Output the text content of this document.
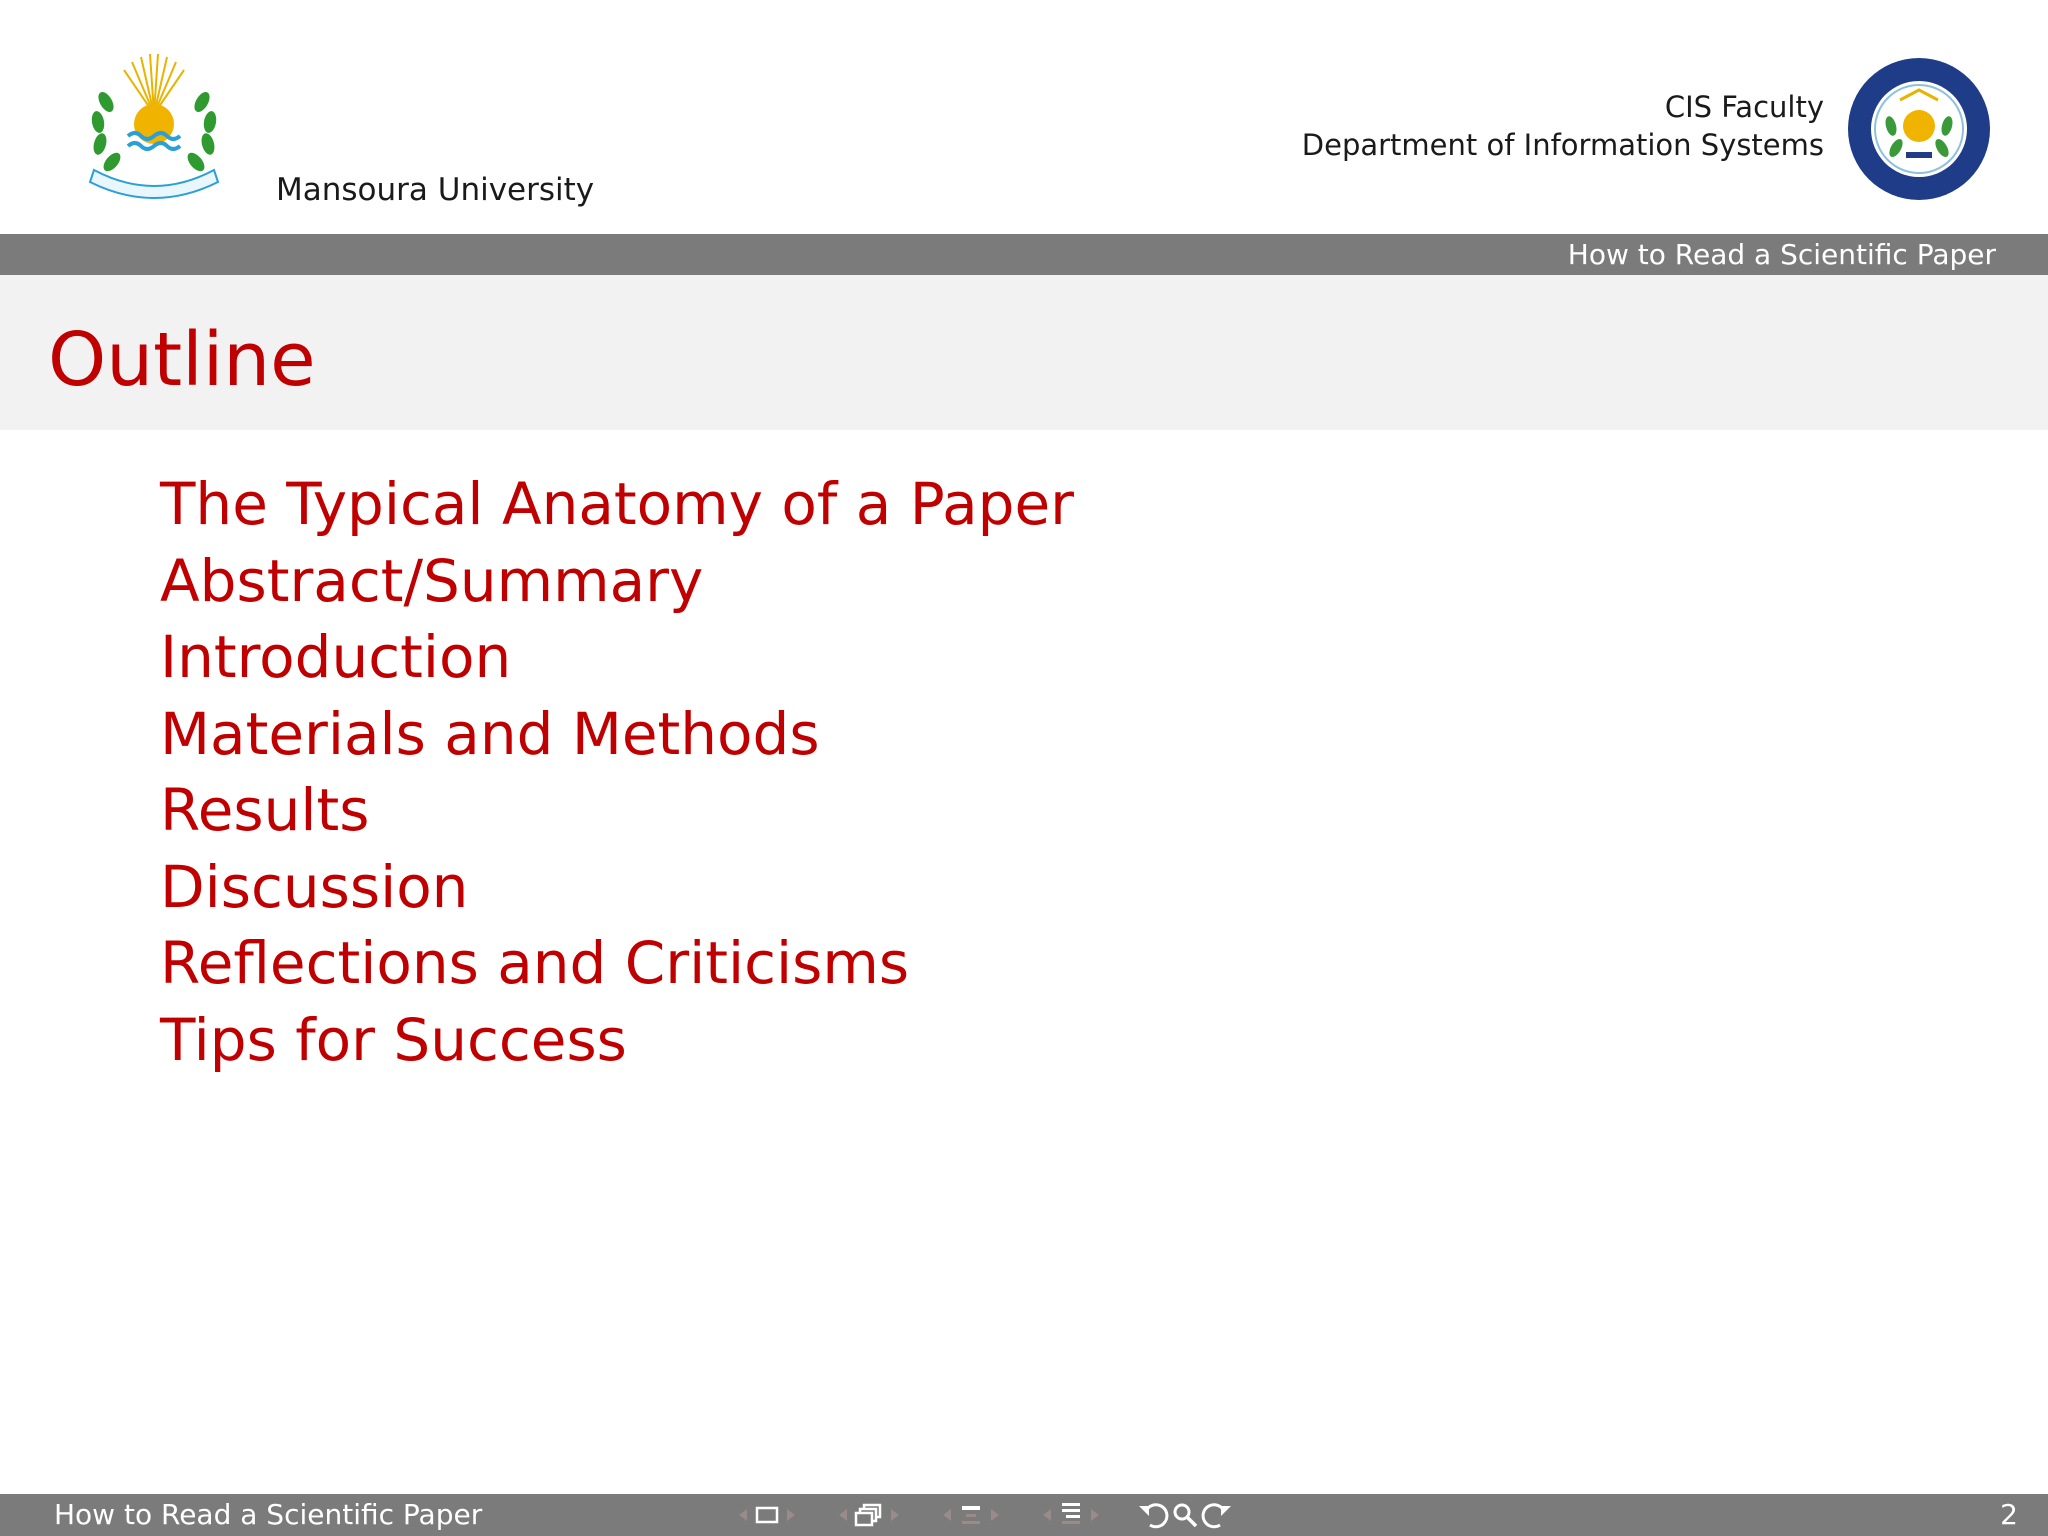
Mansoura University
CIS Faculty
Department of Information Systems
How to Read a Scientific Paper
Outline
The Typical Anatomy of a Paper
Abstract/Summary
Introduction
Materials and Methods
Results
Discussion
Reflections and Criticisms
Tips for Success
How to Read a Scientific Paper	2
